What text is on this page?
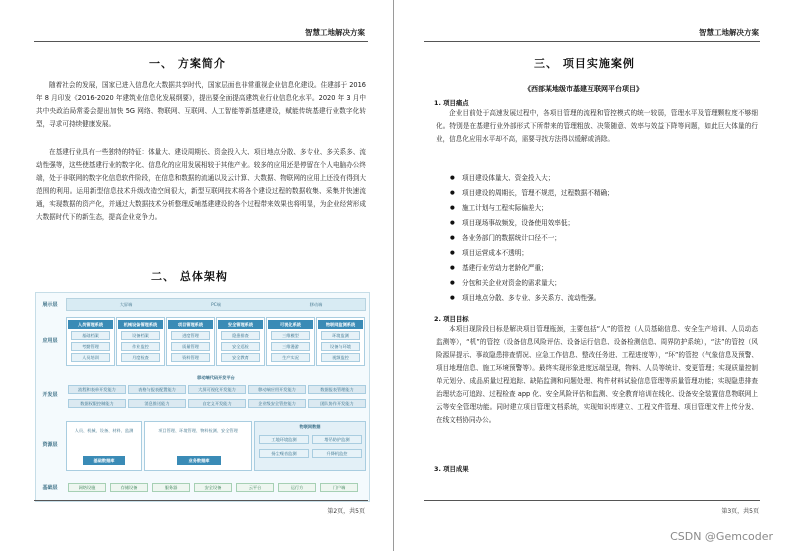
智慧工地解决方案
一、 方案简介
随着社会的发展，国家已进入信息化大数据共享时代，国家层面也非常重视企业信息化建设。住建部于 2016 年 8 月印发《2016-2020 年建筑业信息化发展纲要》，提出要全面提高建筑业行业信息化水平。2020 年 3 月中共中央政治局常委会提出加快 5G 网络、物联网、互联网、人工智能等新基建建设，赋能传统基建行业数字化转型，寻求可持续健康发展。
在基建行业具有一些独特的特征：体量大、建设周期长、资金投入大、项目地点分散、多专业、多关系多、流动性强等，这些使基建行业的数字化、信息化的应用发展相较于其他产业。较多的应用还是停留在个人电脑办公终端，处于非联网的数字化信息软件阶段，在信息和数据的流通以及云计算、大数据、物联网的应用上还没有得到大范围的利用。运用新型信息技术升级改造空间很大，新型互联网技术将各个建设过程的数据收集、采集并快速流通，实现数据的资产化，并通过大数据技术分析整理反哺基建建设的各个过程带来效果也将明显，为企业经营形成大数据时代下的新生态，提高企业竞争力。
二、 总体架构
展示层	大屏端	PC端	移动端
应用层
人员管理系统
基础档案
考勤管理
人员培训
机械设备管理系统
设备档案
作业监控
月度检查
项目管理系统
进度管理
质量管理
资料管理
安全管理系统
隐患排查
安全巡检
安全教育
可视化系统
三维模型
三维漫游
生产实况
物联网监测系统
环境监测
设备与环境
视频监控
开发层
移动端代码开发平台
流程和表单开发能力	表格与报表配置能力	大屏可视化开发能力	移动端应用开发能力	数据报表管理能力
数据权限控制能力	消息推送能力	自定义开发能力	企业级安全管控能力	团队协作开发能力
资源层
人员、机械、设备、材料、监测
基础数据库
项目管理、环境管理、物料检测、安全管理
业务数据库
物联网数据
工地环境监测	塔吊防护监测
扬尘噪音监测	升降机监控
基础层	网络设施	存储设备	服务器	安全设备	云平台	运行方	门户端
第2页，共5页
智慧工地解决方案
三、 项目实施案例
《西部某地级市基建互联网平台项目》
1. 项目痛点
企业目前处于高速发展过程中，各项目管理的流程和管控模式的统一较弱，管理水平及管理颗粒度不够细化。特别是在基建行业外部形式下所带来的管理粗放、决策随意、效率与效益下降等问题，如此巨大体量的行业，信息化应用水平却不高，需要寻找方法得以缓解或消除。
● 项目建设体量大、资金投入大；
● 项目建设的周期长，管理不规范，过程数据不精确；
● 施工计划与工程实际偏差大；
● 项目现场事故频发，设备使用效率低；
● 各业务部门的数据统计口径不一；
● 项目运营成本不透明；
● 基建行业劳动力老龄化严重；
● 分包和关企业对资金的需求量大；
● 项目地点分散、多专业、多关系方、流动性强。
2. 项目目标
本项目现阶段目标是解决项目管理瓶颈，主要包括“人”的管控（人员基础信息、安全生产培训、人员动态监测等），“机”的管控（设备信息风险评估、设备运行信息、设备检测信息、周界防护系统），“法”的管控（风险源屏提示、事故隐患排查情况、应急工作信息、整改任务进、工程进度等），“环”的管控（气象信息及预警、项目地理信息、施工环境预警等）。最终实现形象进度远端呈现，物料、人员等统计、变更管理；实现质量控制单元划分、成品质量过程追踪、缺陷监测和问题处理、构件材料试验信息管理等质量管理功能；实现隐患排查治理状态可追踪、过程检查 app 化、安全风险评估和监测、安全教育培训在线化、设备安全装置信息物联网上云等安全管理功能。同时建立项目管理文档系统，实现知识库建立、工程文件管理、项目管理文件上传分发、在线文档协同办公。
3. 项目成果
第3页，共5页
CSDN @Gemcoder
